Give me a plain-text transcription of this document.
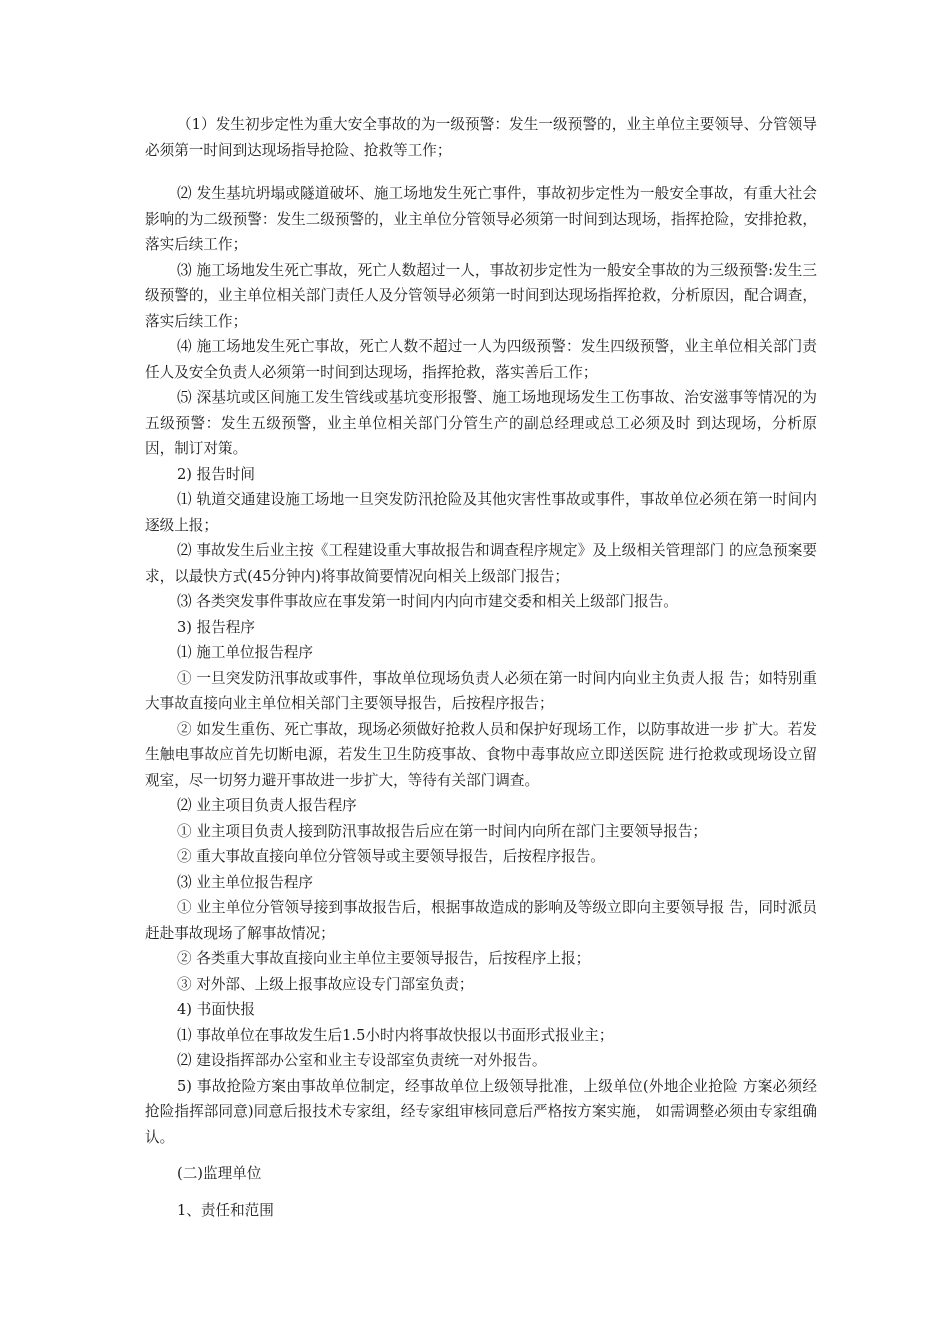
（1）发生初步定性为重大安全事故的为一级预警：发生一级预警的，业主单位主要领导、分管领导必须第一时间到达现场指导抢险、抢救等工作；

⑵ 发生基坑坍塌或隧道破坏、施工场地发生死亡事件，事故初步定性为一般安全事故，有重大社会影响的为二级预警：发生二级预警的，业主单位分管领导必须第一时间到达现场，指挥抢险，安排抢救，落实后续工作；

⑶ 施工场地发生死亡事故，死亡人数超过一人，事故初步定性为一般安全事故的为三级预警:发生三级预警的，业主单位相关部门责任人及分管领导必须第一时间到达现场指挥抢救，分析原因，配合调查，落实后续工作；

⑷ 施工场地发生死亡事故，死亡人数不超过一人为四级预警：发生四级预警，业主单位相关部门责任人及安全负责人必须第一时间到达现场，指挥抢救，落实善后工作；

⑸ 深基坑或区间施工发生管线或基坑变形报警、施工场地现场发生工伤事故、治安滋事等情况的为五级预警：发生五级预警，业主单位相关部门分管生产的副总经理或总工必须及时 到达现场，分析原因，制订对策。

2) 报告时间

⑴ 轨道交通建设施工场地一旦突发防汛抢险及其他灾害性事故或事件，事故单位必须在第一时间内逐级上报；

⑵ 事故发生后业主按《工程建设重大事故报告和调查程序规定》及上级相关管理部门 的应急预案要求，以最快方式(45分钟内)将事故简要情况向相关上级部门报告；

⑶ 各类突发事件事故应在事发第一时间内内向市建交委和相关上级部门报告。

3) 报告程序

⑴ 施工单位报告程序

① 一旦突发防汛事故或事件，事故单位现场负责人必须在第一时间内向业主负责人报 告；如特别重大事故直接向业主单位相关部门主要领导报告，后按程序报告；

② 如发生重伤、死亡事故，现场必须做好抢救人员和保护好现场工作，以防事故进一步 扩大。若发生触电事故应首先切断电源，若发生卫生防疫事故、食物中毒事故应立即送医院 进行抢救或现场设立留观室，尽一切努力避开事故进一步扩大，等待有关部门调查。

⑵ 业主项目负责人报告程序

① 业主项目负责人接到防汛事故报告后应在第一时间内向所在部门主要领导报告；

② 重大事故直接向单位分管领导或主要领导报告，后按程序报告。

⑶ 业主单位报告程序

① 业主单位分管领导接到事故报告后，根据事故造成的影响及等级立即向主要领导报 告，同时派员赶赴事故现场了解事故情况；

② 各类重大事故直接向业主单位主要领导报告，后按程序上报；

③ 对外部、上级上报事故应设专门部室负责；

4) 书面快报

⑴ 事故单位在事故发生后1.5小时内将事故快报以书面形式报业主；

⑵ 建设指挥部办公室和业主专设部室负责统一对外报告。

5) 事故抢险方案由事故单位制定，经事故单位上级领导批准，上级单位(外地企业抢险 方案必须经抢险指挥部同意)同意后报技术专家组，经专家组审核同意后严格按方案实施， 如需调整必须由专家组确认。

(二)监理单位

1、责任和范围
